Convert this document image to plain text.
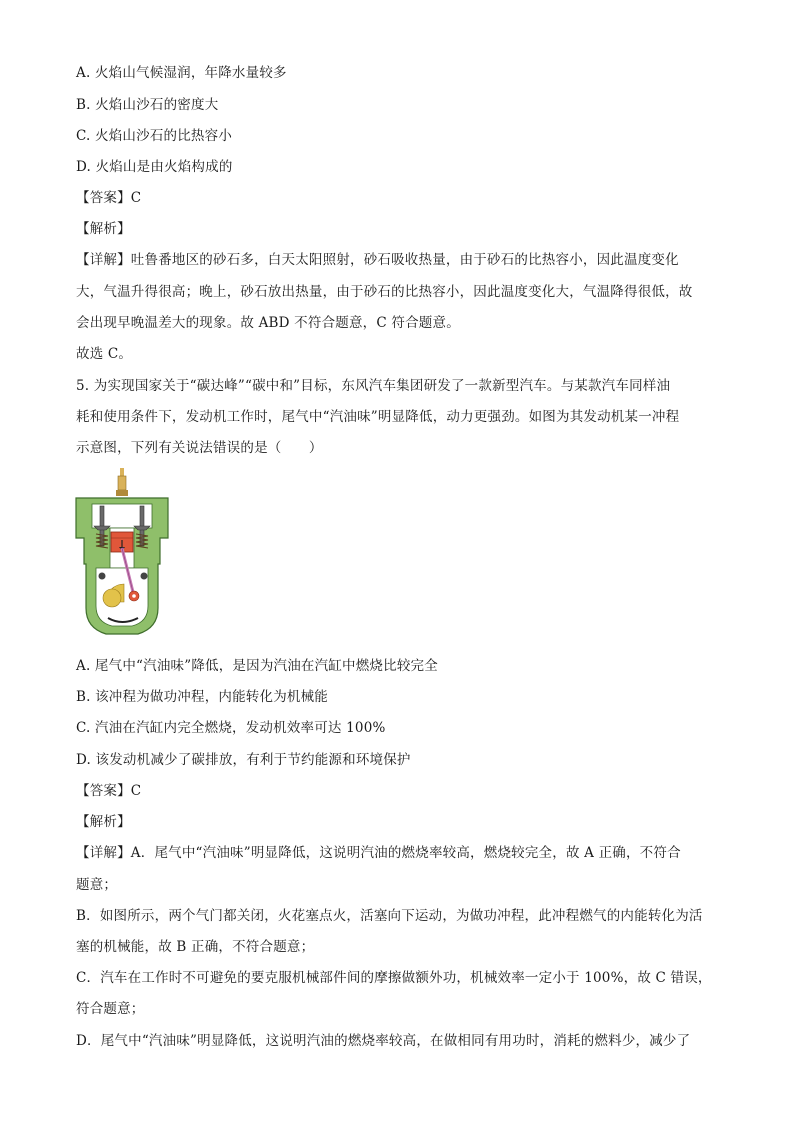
A. 火焰山气候湿润，年降水量较多
B. 火焰山沙石的密度大
C. 火焰山沙石的比热容小
D. 火焰山是由火焰构成的
【答案】C
【解析】
【详解】吐鲁番地区的砂石多，白天太阳照射，砂石吸收热量，由于砂石的比热容小，因此温度变化
大，气温升得很高；晚上，砂石放出热量，由于砂石的比热容小，因此温度变化大，气温降得很低，故
会出现早晚温差大的现象。故 ABD 不符合题意，C 符合题意。
故选 C。
5. 为实现国家关于“碳达峰”“碳中和”目标，东风汽车集团研发了一款新型汽车。与某款汽车同样油
耗和使用条件下，发动机工作时，尾气中“汽油味”明显降低，动力更强劲。如图为其发动机某一冲程
示意图，下列有关说法错误的是（　　）
A. 尾气中“汽油味”降低，是因为汽油在汽缸中燃烧比较完全
B. 该冲程为做功冲程，内能转化为机械能
C. 汽油在汽缸内完全燃烧，发动机效率可达 100%
D. 该发动机减少了碳排放，有利于节约能源和环境保护
【答案】C
【解析】
【详解】A．尾气中“汽油味”明显降低，这说明汽油的燃烧率较高，燃烧较完全，故 A 正确，不符合
题意；
B．如图所示，两个气门都关闭，火花塞点火，活塞向下运动，为做功冲程，此冲程燃气的内能转化为活
塞的机械能，故 B 正确，不符合题意；
C．汽车在工作时不可避免的要克服机械部件间的摩擦做额外功，机械效率一定小于 100%，故 C 错误，
符合题意；
D．尾气中“汽油味”明显降低，这说明汽油的燃烧率较高，在做相同有用功时，消耗的燃料少，减少了
